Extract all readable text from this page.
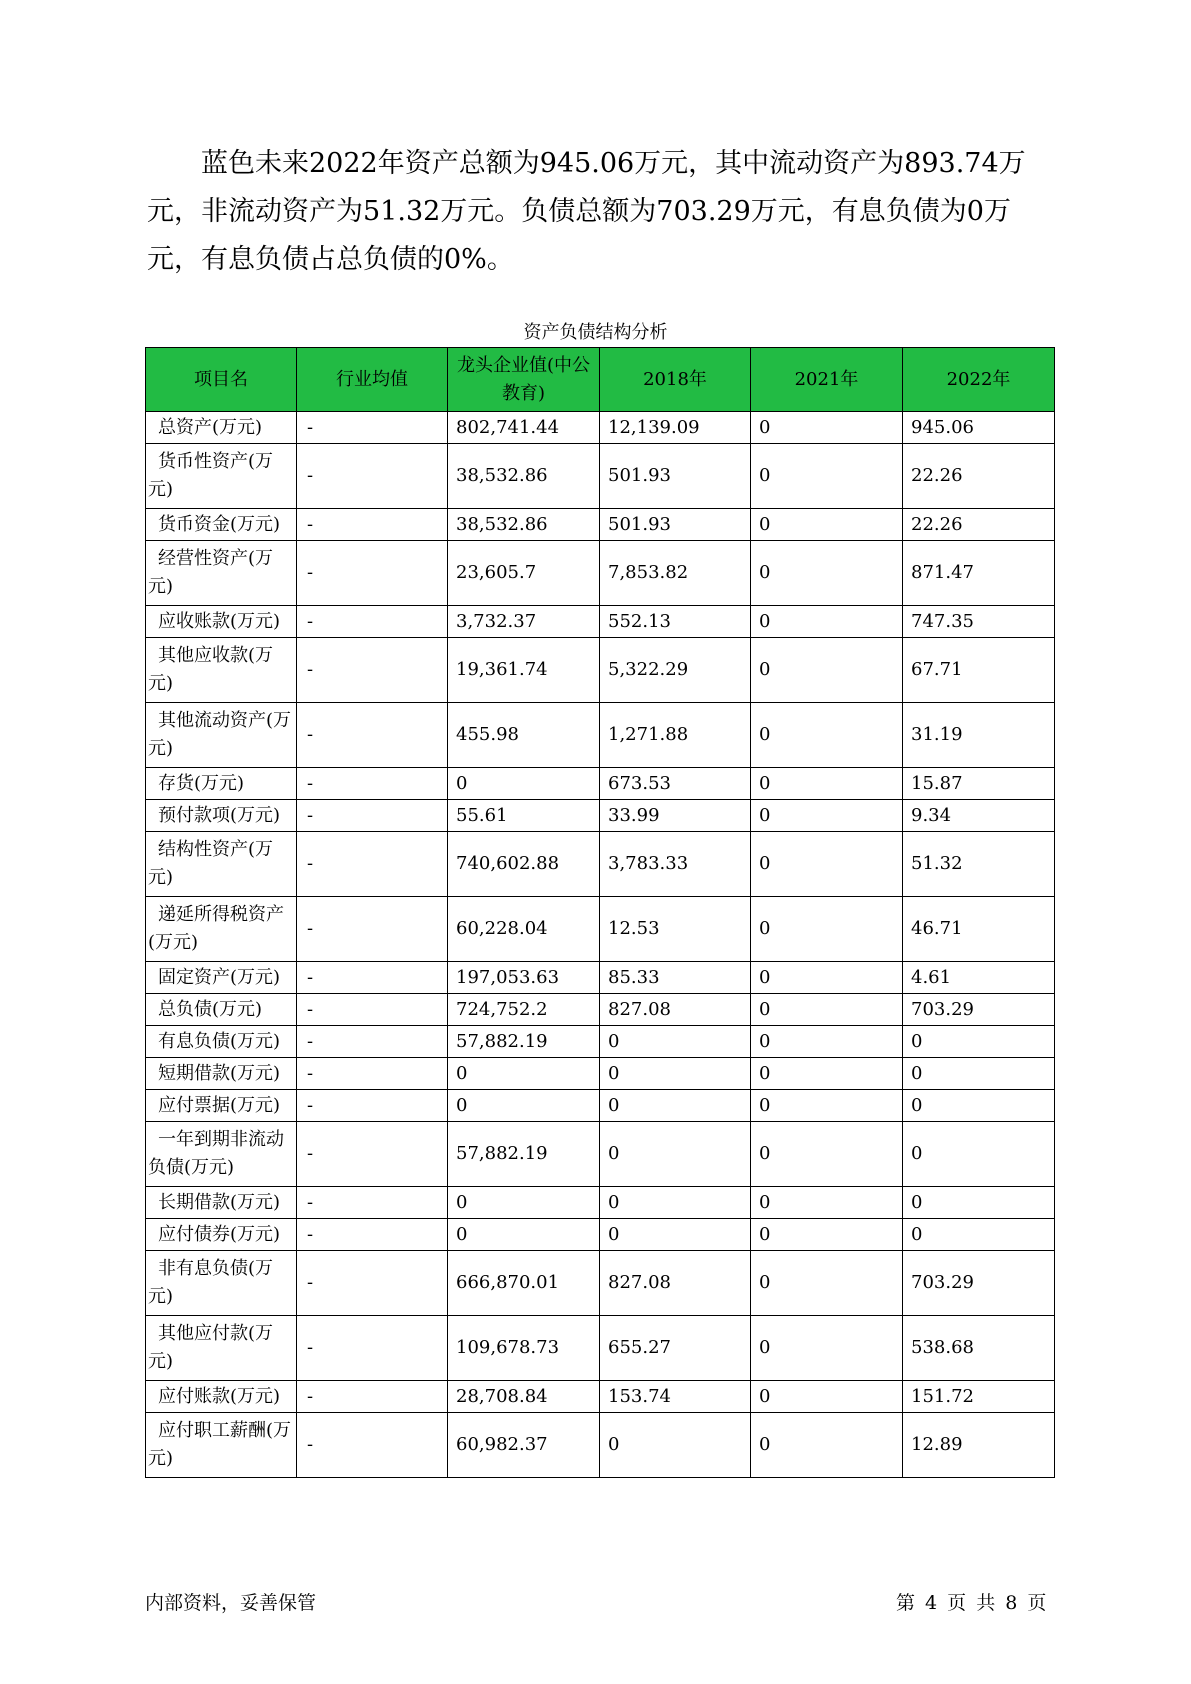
蓝色未来2022年资产总额为945.06万元，其中流动资产为893.74万元，非流动资产为51.32万元。负债总额为703.29万元，有息负债为0万元，有息负债占总负债的0%。

资产负债结构分析
项目名	行业均值	龙头企业值(中公教育)	2018年	2021年	2022年
总资产(万元)	-	802,741.44	12,139.09	0	945.06
货币性资产(万元)	-	38,532.86	501.93	0	22.26
货币资金(万元)	-	38,532.86	501.93	0	22.26
经营性资产(万元)	-	23,605.7	7,853.82	0	871.47
应收账款(万元)	-	3,732.37	552.13	0	747.35
其他应收款(万元)	-	19,361.74	5,322.29	0	67.71
其他流动资产(万元)	-	455.98	1,271.88	0	31.19
存货(万元)	-	0	673.53	0	15.87
预付款项(万元)	-	55.61	33.99	0	9.34
结构性资产(万元)	-	740,602.88	3,783.33	0	51.32
递延所得税资产(万元)	-	60,228.04	12.53	0	46.71
固定资产(万元)	-	197,053.63	85.33	0	4.61
总负债(万元)	-	724,752.2	827.08	0	703.29
有息负债(万元)	-	57,882.19	0	0	0
短期借款(万元)	-	0	0	0	0
应付票据(万元)	-	0	0	0	0
一年到期非流动负债(万元)	-	57,882.19	0	0	0
长期借款(万元)	-	0	0	0	0
应付债券(万元)	-	0	0	0	0
非有息负债(万元)	-	666,870.01	827.08	0	703.29
其他应付款(万元)	-	109,678.73	655.27	0	538.68
应付账款(万元)	-	28,708.84	153.74	0	151.72
应付职工薪酬(万元)	-	60,982.37	0	0	12.89
内部资料，妥善保管	第 4 页 共 8 页
